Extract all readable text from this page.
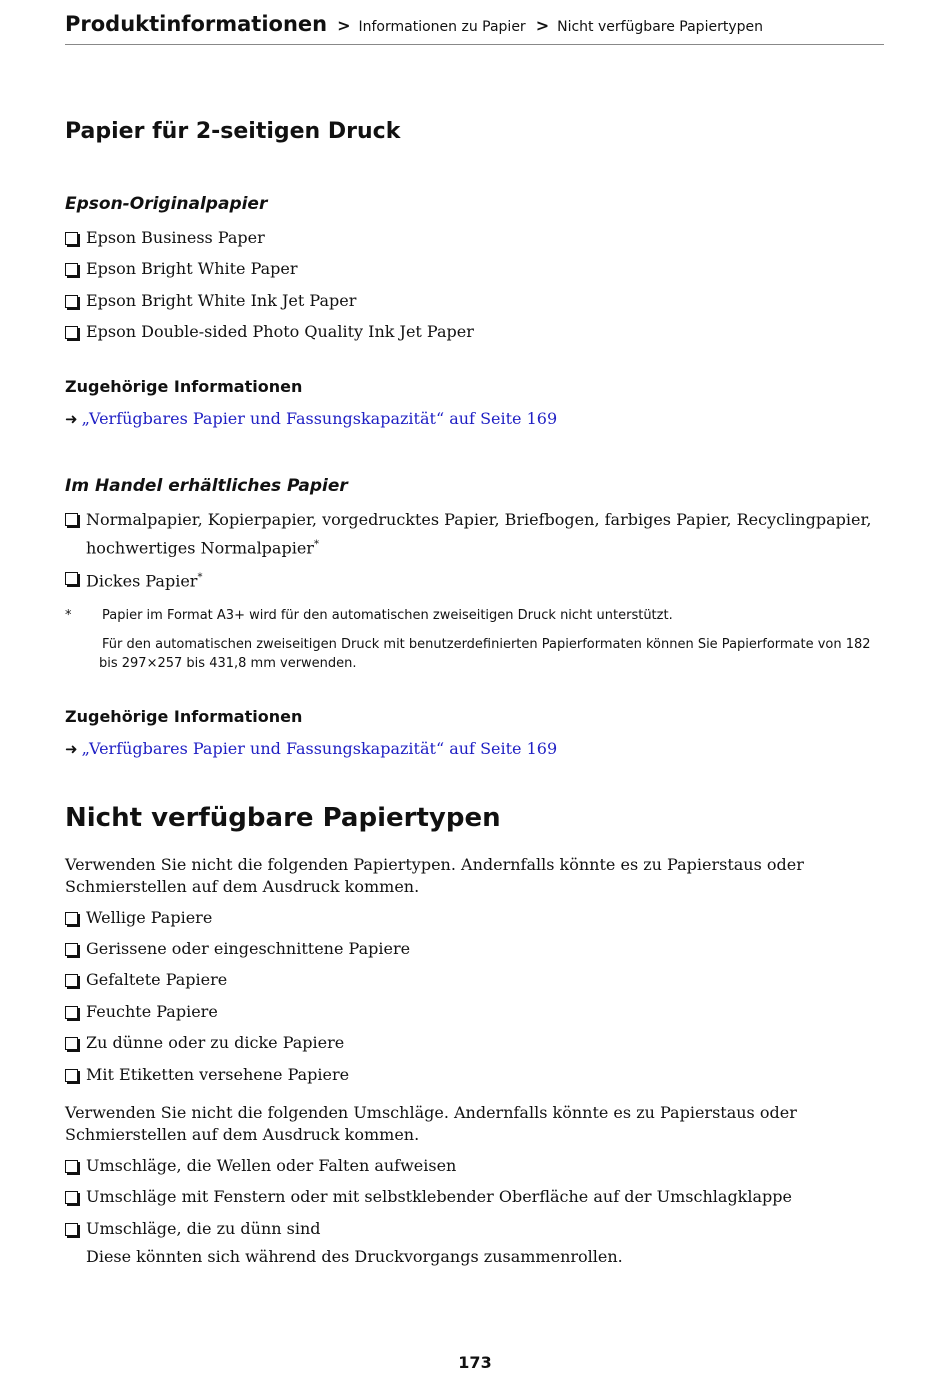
Produktinformationen > Informationen zu Papier > Nicht verfügbare Papiertypen
Papier für 2-seitigen Druck
Epson-Originalpapier
Epson Business Paper
Epson Bright White Paper
Epson Bright White Ink Jet Paper
Epson Double-sided Photo Quality Ink Jet Paper
Zugehörige Informationen
➜ „Verfügbares Papier und Fassungskapazität“ auf Seite 169
Im Handel erhältliches Papier
Normalpapier, Kopierpapier, vorgedrucktes Papier, Briefbogen, farbiges Papier, Recyclingpapier, hochwertiges Normalpapier*
Dickes Papier*
* Papier im Format A3+ wird für den automatischen zweiseitigen Druck nicht unterstützt.
Für den automatischen zweiseitigen Druck mit benutzerdefinierten Papierformaten können Sie Papierformate von 182 bis 297×257 bis 431,8 mm verwenden.
Zugehörige Informationen
➜ „Verfügbares Papier und Fassungskapazität“ auf Seite 169
Nicht verfügbare Papiertypen
Verwenden Sie nicht die folgenden Papiertypen. Andernfalls könnte es zu Papierstaus oder Schmierstellen auf dem Ausdruck kommen.
Wellige Papiere
Gerissene oder eingeschnittene Papiere
Gefaltete Papiere
Feuchte Papiere
Zu dünne oder zu dicke Papiere
Mit Etiketten versehene Papiere
Verwenden Sie nicht die folgenden Umschläge. Andernfalls könnte es zu Papierstaus oder Schmierstellen auf dem Ausdruck kommen.
Umschläge, die Wellen oder Falten aufweisen
Umschläge mit Fenstern oder mit selbstklebender Oberfläche auf der Umschlagklappe
Umschläge, die zu dünn sind
Diese könnten sich während des Druckvorgangs zusammenrollen.
173
